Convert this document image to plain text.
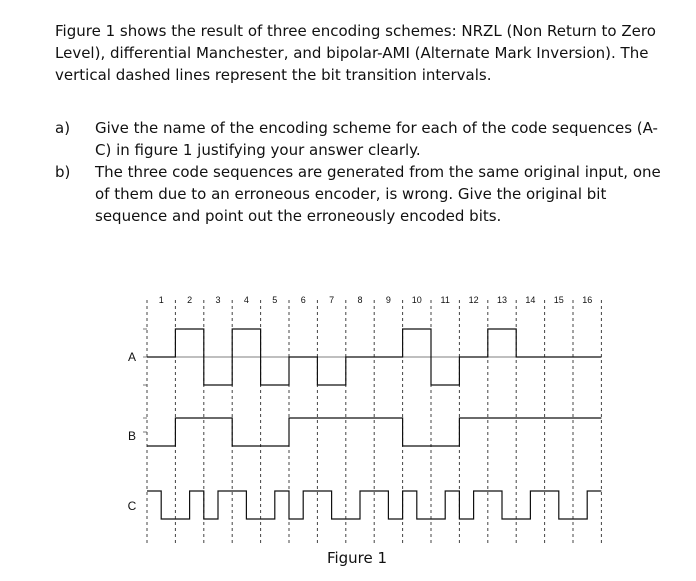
Figure 1 shows the result of three encoding schemes: NRZL (Non Return to Zero Level), differential Manchester, and bipolar-AMI (Alternate Mark Inversion). The vertical dashed lines represent the bit transition intervals.

a) Give the name of the encoding scheme for each of the code sequences (A-C) in figure 1 justifying your answer clearly.
b) The three code sequences are generated from the same original input, one of them due to an erroneous encoder, is wrong. Give the original bit sequence and point out the erroneously encoded bits.
1	2	3	4	5	6	7	8	9 10 11 12 13 14 15 16
A
B
C
Figure 1
